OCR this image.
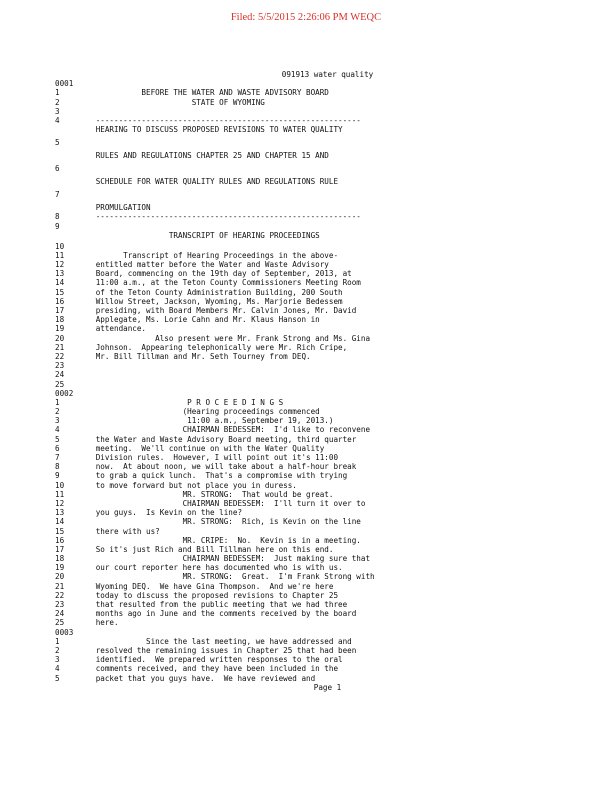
Filed: 5/5/2015 2:26:06 PM WEQC
091913 water quality
0001
1	BEFORE THE WATER AND WASTE ADVISORY BOARD
2	STATE OF WYOMING
3
4	----------------------------------------------------------
HEARING TO DISCUSS PROPOSED REVISIONS TO WATER QUALITY
5
RULES AND REGULATIONS CHAPTER 25 AND CHAPTER 15 AND
6
SCHEDULE FOR WATER QUALITY RULES AND REGULATIONS RULE
7
PROMULGATION
8	----------------------------------------------------------
9
TRANSCRIPT OF HEARING PROCEEDINGS
10
11	Transcript of Hearing Proceedings in the above-
12	entitled matter before the Water and Waste Advisory
13	Board, commencing on the 19th day of September, 2013, at
14	11:00 a.m., at the Teton County Commissioners Meeting Room
15	of the Teton County Administration Building, 200 South
16	Willow Street, Jackson, Wyoming, Ms. Marjorie Bedessem
17	presiding, with Board Members Mr. Calvin Jones, Mr. David
18	Applegate, Ms. Lorie Cahn and Mr. Klaus Hanson in
19	attendance.
20	Also present were Mr. Frank Strong and Ms. Gina
21	Johnson.  Appearing telephonically were Mr. Rich Cripe,
22	Mr. Bill Tillman and Mr. Seth Tourney from DEQ.
23
24
25
0002
1	P R O C E E D I N G S
2	(Hearing proceedings commenced
3	11:00 a.m., September 19, 2013.)
4	CHAIRMAN BEDESSEM:  I'd like to reconvene
5	the Water and Waste Advisory Board meeting, third quarter
6	meeting.  We'll continue on with the Water Quality
7	Division rules.  However, I will point out it's 11:00
8	now.  At about noon, we will take about a half-hour break
9	to grab a quick lunch.  That's a compromise with trying
10	to move forward but not place you in duress.
11	MR. STRONG:  That would be great.
12	CHAIRMAN BEDESSEM:  I'll turn it over to
13	you guys.  Is Kevin on the line?
14	MR. STRONG:  Rich, is Kevin on the line
15	there with us?
16	MR. CRIPE:  No.  Kevin is in a meeting.
17	So it's just Rich and Bill Tillman here on this end.
18	CHAIRMAN BEDESSEM:  Just making sure that
19	our court reporter here has documented who is with us.
20	MR. STRONG:  Great.  I'm Frank Strong with
21	Wyoming DEQ.  We have Gina Thompson.  And we're here
22	today to discuss the proposed revisions to Chapter 25
23	that resulted from the public meeting that we had three
24	months ago in June and the comments received by the board
25	here.
0003
1	Since the last meeting, we have addressed and
2	resolved the remaining issues in Chapter 25 that had been
3	identified.  We prepared written responses to the oral
4	comments received, and they have been included in the
5	packet that you guys have.  We have reviewed and
Page 1
